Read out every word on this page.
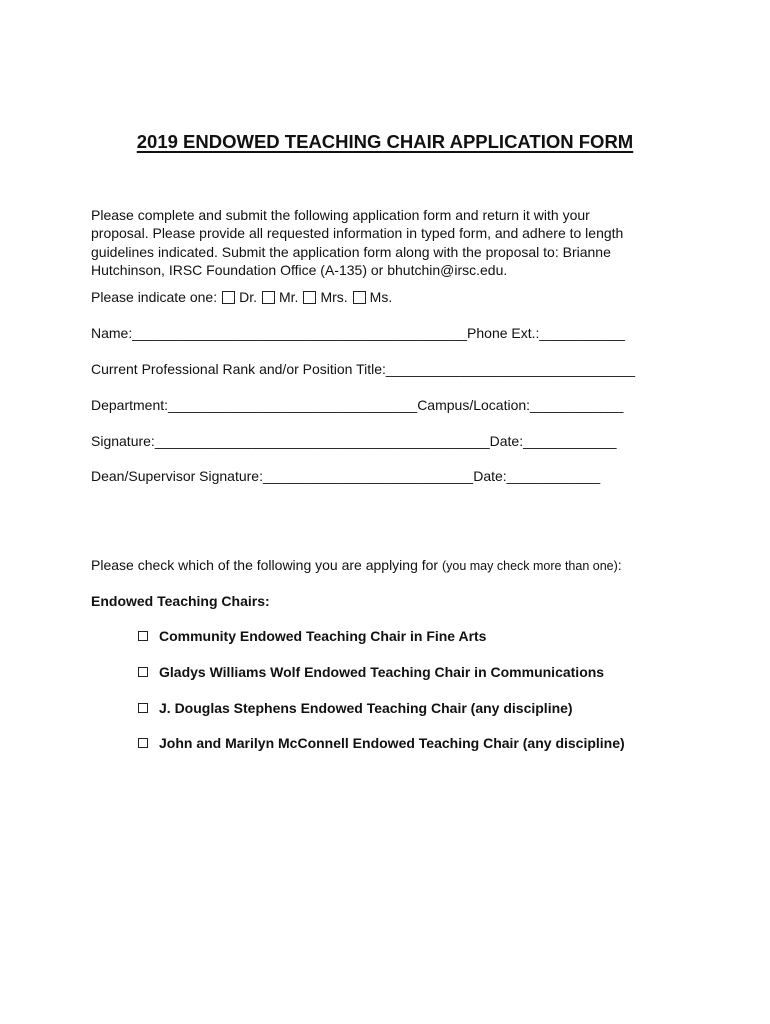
2019 ENDOWED TEACHING CHAIR APPLICATION FORM
Please complete and submit the following application form and return it with your
proposal. Please provide all requested information in typed form, and adhere to length
guidelines indicated. Submit the application form along with the proposal to: Brianne
Hutchinson, IRSC Foundation Office (A-135) or bhutchin@irsc.edu.
Please indicate one: Dr. Mr. Mrs. Ms.
Name:___________________________________________Phone Ext.:___________
Current Professional Rank and/or Position Title:________________________________
Department:________________________________Campus/Location:____________
Signature:___________________________________________Date:____________
Dean/Supervisor Signature:___________________________Date:____________
Please check which of the following you are applying for (you may check more than one):
Endowed Teaching Chairs:
Community Endowed Teaching Chair in Fine Arts
Gladys Williams Wolf Endowed Teaching Chair in Communications
J. Douglas Stephens Endowed Teaching Chair (any discipline)
John and Marilyn McConnell Endowed Teaching Chair (any discipline)
